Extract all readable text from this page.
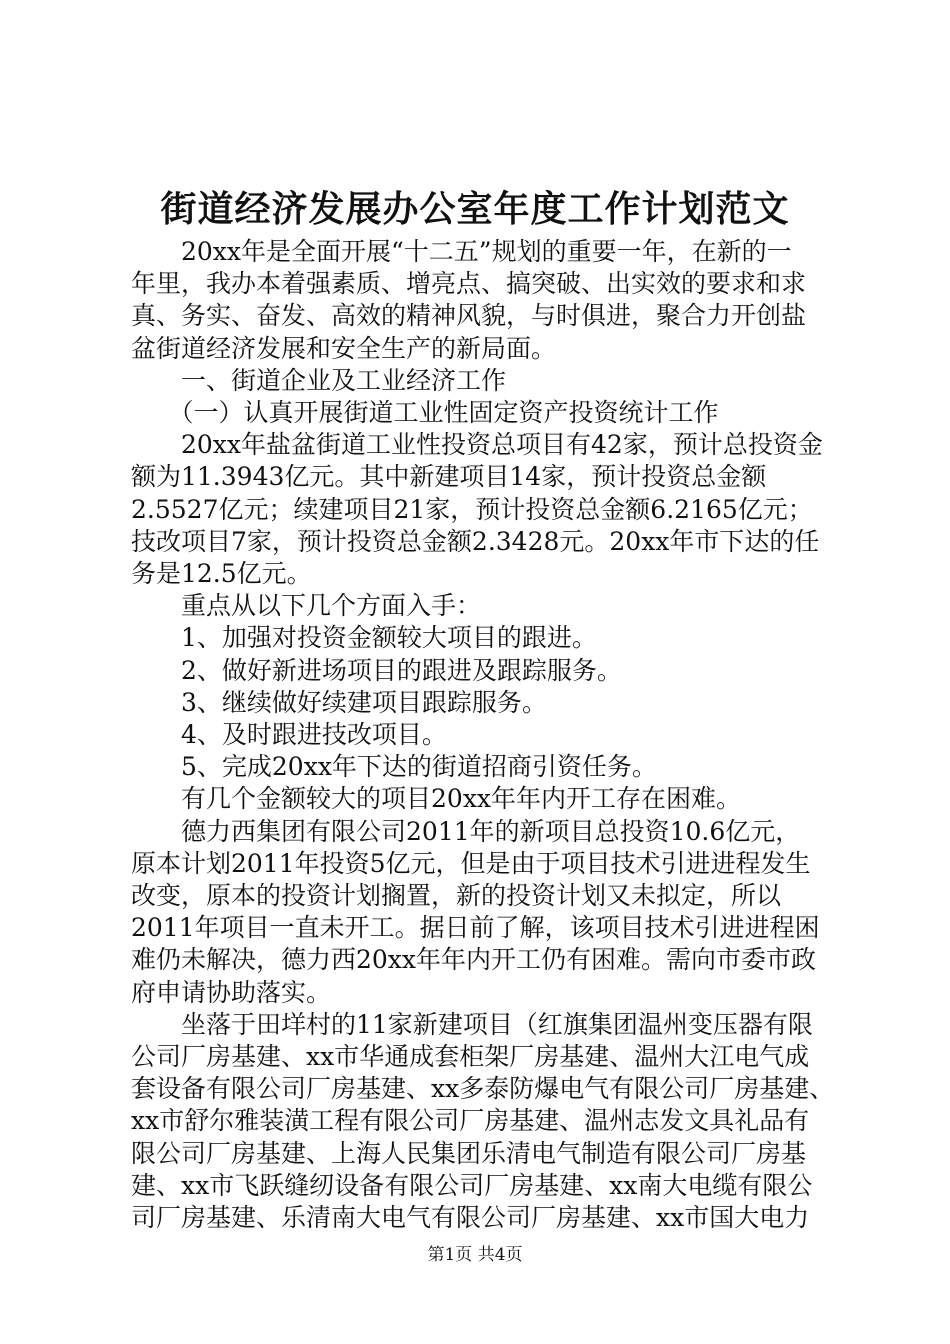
街道经济发展办公室年度工作计划范文
　　20xx年是全面开展“十二五”规划的重要一年，在新的一
年里，我办本着强素质、增亮点、搞突破、出实效的要求和求
真、务实、奋发、高效的精神风貌，与时俱进，聚合力开创盐
盆街道经济发展和安全生产的新局面。
　　一、街道企业及工业经济工作
　　（一）认真开展街道工业性固定资产投资统计工作
　　20xx年盐盆街道工业性投资总项目有42家，预计总投资金
额为11.3943亿元。其中新建项目14家，预计投资总金额
2.5527亿元；续建项目21家，预计投资总金额6.2165亿元；
技改项目7家，预计投资总金额2.3428元。20xx年市下达的任
务是12.5亿元。
　　重点从以下几个方面入手：
　　1、加强对投资金额较大项目的跟进。
　　2、做好新进场项目的跟进及跟踪服务。
　　3、继续做好续建项目跟踪服务。
　　4、及时跟进技改项目。
　　5、完成20xx年下达的街道招商引资任务。
　　有几个金额较大的项目20xx年年内开工存在困难。
　　德力西集团有限公司2011年的新项目总投资10.6亿元，
原本计划2011年投资5亿元，但是由于项目技术引进进程发生
改变，原本的投资计划搁置，新的投资计划又未拟定，所以
2011年项目一直未开工。据日前了解，该项目技术引进进程困
难仍未解决，德力西20xx年年内开工仍有困难。需向市委市政
府申请协助落实。
　　坐落于田垟村的11家新建项目（红旗集团温州变压器有限
公司厂房基建、xx市华通成套柜架厂房基建、温州大江电气成
套设备有限公司厂房基建、xx多泰防爆电气有限公司厂房基建、
xx市舒尔雅装潢工程有限公司厂房基建、温州志发文具礼品有
限公司厂房基建、上海人民集团乐清电气制造有限公司厂房基
建、xx市飞跃缝纫设备有限公司厂房基建、xx南大电缆有限公
司厂房基建、乐清南大电气有限公司厂房基建、xx市国大电力
第1页 共4页
